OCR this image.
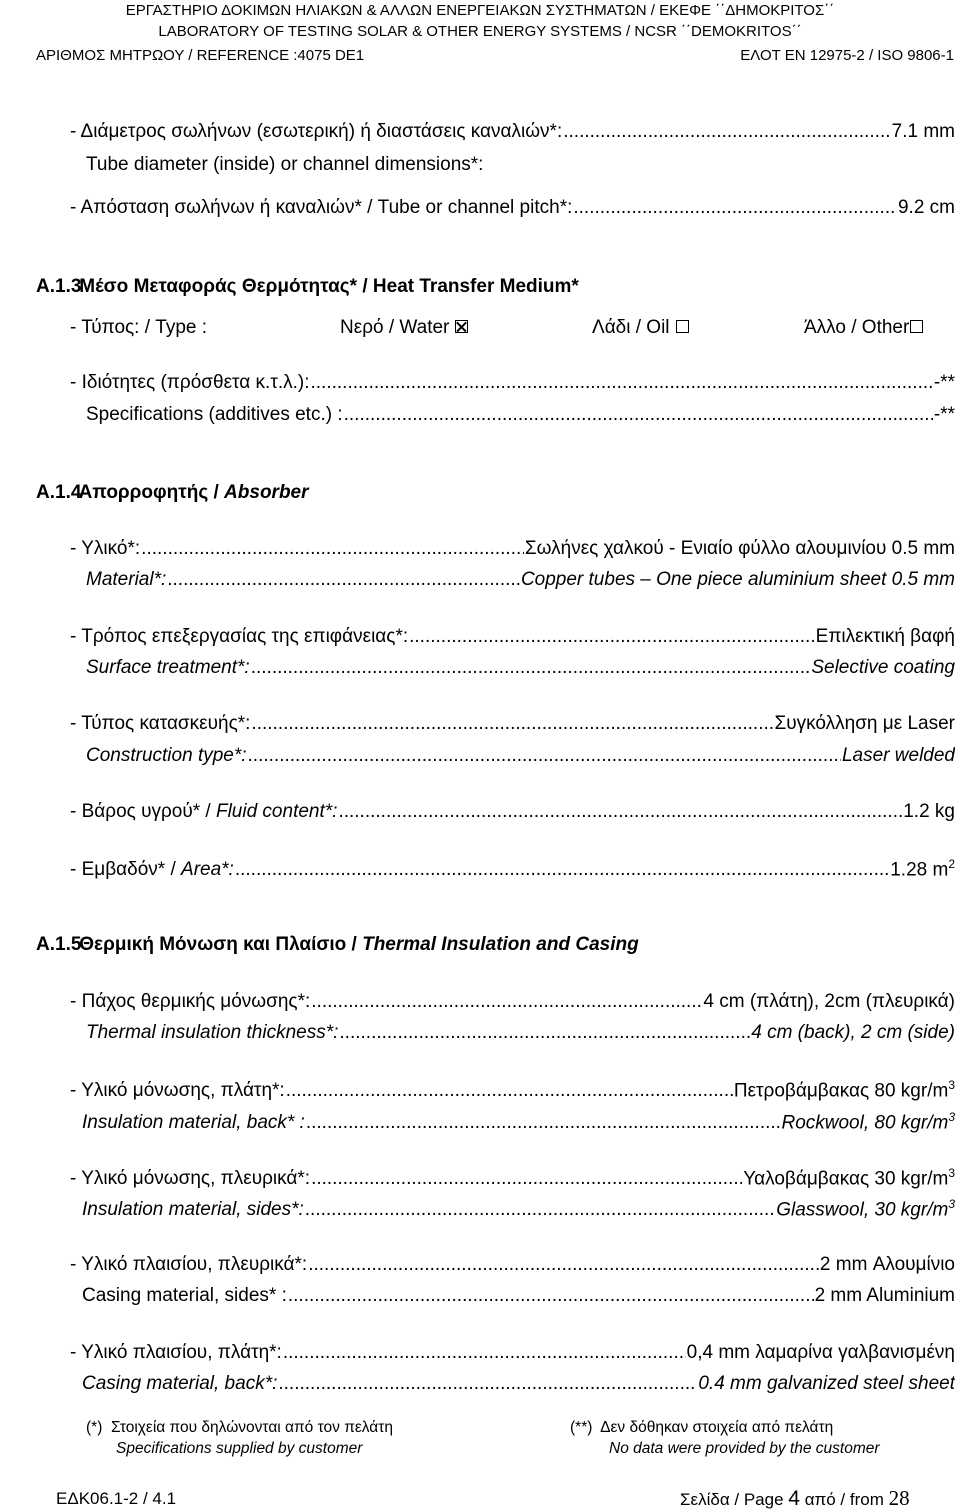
ΕΡΓΑΣΤΗΡΙΟ ΔΟΚΙΜΩΝ ΗΛΙΑΚΩΝ & ΑΛΛΩΝ ΕΝΕΡΓΕΙΑΚΩΝ ΣΥΣΤΗΜΑΤΩΝ / ΕΚΕΦΕ ΄΄ΔΗΜΟΚΡΙΤΟΣ΄΄
LABORATORY OF TESTING SOLAR & OTHER ENERGY SYSTEMS / NCSR ΄΄DEMOKRITOS΄΄
ΑΡΙΘΜΟΣ ΜΗΤΡΩΟΥ / REFERENCE :4075 DE1	ΕΛΟΤ EN 12975-2 / ISO 9806-1
- Διάμετρος σωλήνων (εσωτερική) ή διαστάσεις καναλιών*: .....	7.1 mm
Tube diameter (inside) or channel dimensions*:
- Απόσταση σωλήνων ή καναλιών* / Tube or channel pitch*: .....	9.2 cm
A.1.3 Μέσο Μεταφοράς Θερμότητας* / Heat Transfer Medium*
- Τύπος: / Type :	Νερό / Water	Λάδι / Oil	Άλλο / Other
- Ιδιότητες (πρόσθετα κ.τ.λ.): .....	-**
Specifications (additives etc.) : .....	-**
A.1.4 Απορροφητής / Absorber
- Υλικό*: .....	Σωλήνες χαλκού - Ενιαίο φύλλο αλουμινίου 0.5 mm
Material*: .....	Copper tubes – One piece aluminium sheet 0.5 mm
- Τρόπος επεξεργασίας της επιφάνειας*: .....	Επιλεκτική βαφή
Surface treatment*: .....	Selective coating
- Τύπος κατασκευής*: .....	Συγκόλληση με Laser
Construction type*: .....	Laser welded
- Βάρος υγρού* / Fluid content*: .....	1.2 kg
- Εμβαδόν* / Area*: .....	1.28 $m^2$
A.1.5 Θερμική Μόνωση και Πλαίσιο / Thermal Insulation and Casing
- Πάχος θερμικής μόνωσης*: .....	4 cm (πλάτη), 2cm (πλευρικά)
Thermal insulation thickness*: .....	4 cm (back), 2 cm (side)
- Υλικό μόνωσης, πλάτη*: .....	Πετροβάμβακας 80 kgr/$m^3$
Insulation material, back* : .....	Rockwool, 80 kgr/$m^3$
- Υλικό μόνωσης, πλευρικά*: .....	Υαλοβάμβακας 30 kgr/$m^3$
Insulation material, sides*: .....	Glasswool, 30 kgr/$m^3$
- Υλικό πλαισίου, πλευρικά*: .....	2 mm Αλουμίνιο
Casing material, sides* : .....	2 mm Aluminium
- Υλικό πλαισίου, πλάτη*: .....	0,4 mm λαμαρίνα γαλβανισμένη
Casing material, back*: .....	0.4 mm galvanized steel sheet
(*) Στοιχεία που δηλώνονται από τον πελάτη
Specifications supplied by customer
(**) Δεν δόθηκαν στοιχεία από πελάτη
No data were provided by the customer
ΕΔΚ06.1-2 / 4.1	Σελίδα / Page 4 από / from 28
